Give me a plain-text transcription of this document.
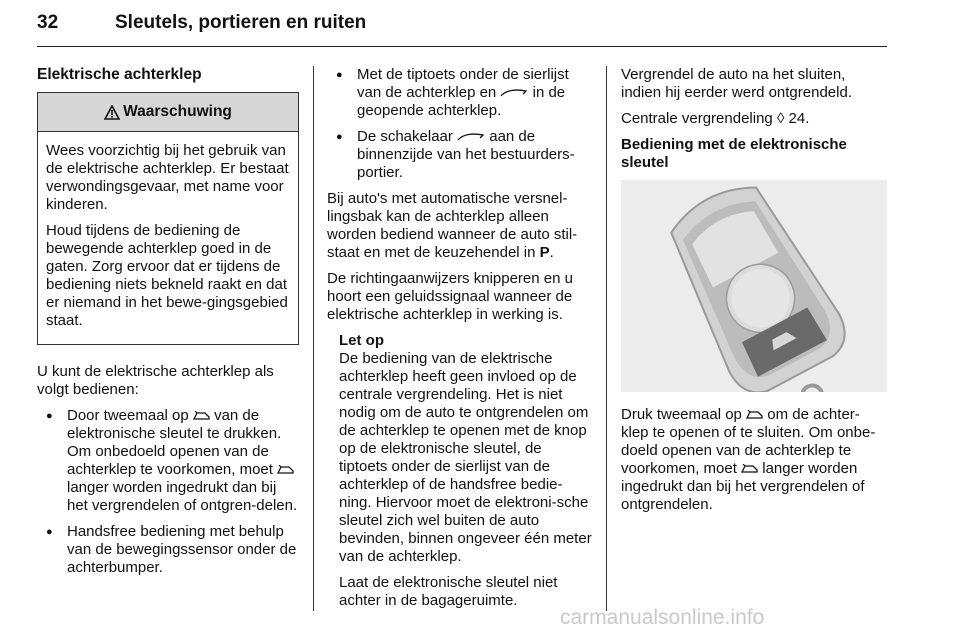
32	Sleutels, portieren en ruiten
Elektrische achterklep
Waarschuwing

Wees voorzichtig bij het gebruik van de elektrische achterklep. Er bestaat verwondingsgevaar, met name voor kinderen.

Houd tijdens de bediening de bewegende achterklep goed in de gaten. Zorg ervoor dat er tijdens de bediening niets bekneld raakt en dat er niemand in het bewe-gingsgebied staat.

U kunt de elektrische achterklep als volgt bedienen:

● Door tweemaal op van de elektronische sleutel te drukken. Om onbedoeld openen van de achterklep te voorkomen, moet  langer worden ingedrukt dan bij het vergrendelen of ontgren-delen.
● Handsfree bediening met behulp van de bewegingssensor onder de achterbumper.
● Met de tiptoets onder de sierlijst van de achterklep en in de geopende achterklep.
● De schakelaar aan de binnenzijde van het bestuurders-portier.

Bij auto's met automatische versnel-lingsbak kan de achterklep alleen worden bediend wanneer de auto stil-staat en met de keuzehendel in P.

De richtingaanwijzers knipperen en u hoort een geluidssignaal wanneer de elektrische achterklep in werking is.

Let op

De bediening van de elektrische achterklep heeft geen invloed op de centrale vergrendeling. Het is niet nodig om de auto te ontgrendelen om de achterklep te openen met de knop op de elektronische sleutel, de tiptoets onder de sierlijst van de achterklep of de handsfree bedie-ning. Hiervoor moet de elektroni-sche sleutel zich wel buiten de auto bevinden, binnen ongeveer één meter van de achterklep.

Laat de elektronische sleutel niet achter in de bagageruimte.

Vergrendel de auto na het sluiten, indien hij eerder werd ontgrendeld.

Centrale vergrendeling ◊ 24.

Bediening met de elektronische sleutel

Druk tweemaal op om de achter-klep te openen of te sluiten. Om onbe-doeld openen van de achterklep te voorkomen, moet langer worden ingedrukt dan bij het vergrendelen of ontgrendelen.

carmanualsonline.info
